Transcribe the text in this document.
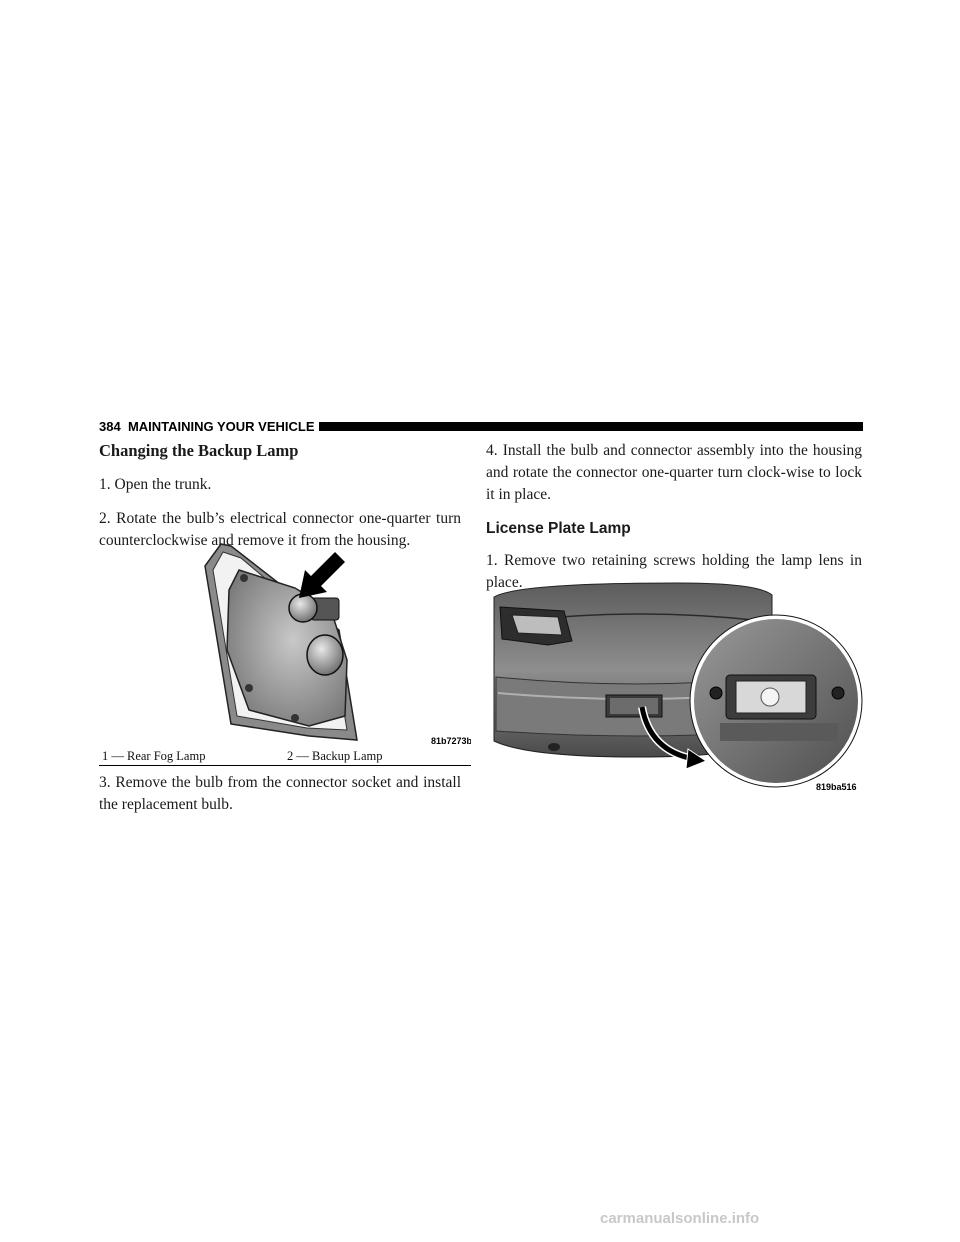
384 MAINTAINING YOUR VEHICLE
Changing the Backup Lamp

1. Open the trunk.

2. Rotate the bulb’s electrical connector one-quarter turn counterclockwise and remove it from the housing.

81b7273b
1 — Rear Fog Lamp	2 — Backup Lamp

3. Remove the bulb from the connector socket and install the replacement bulb.

4. Install the bulb and connector assembly into the housing and rotate the connector one-quarter turn clock-wise to lock it in place.

License Plate Lamp

1. Remove two retaining screws holding the lamp lens in place.

819ba516
carmanualsonline.info
